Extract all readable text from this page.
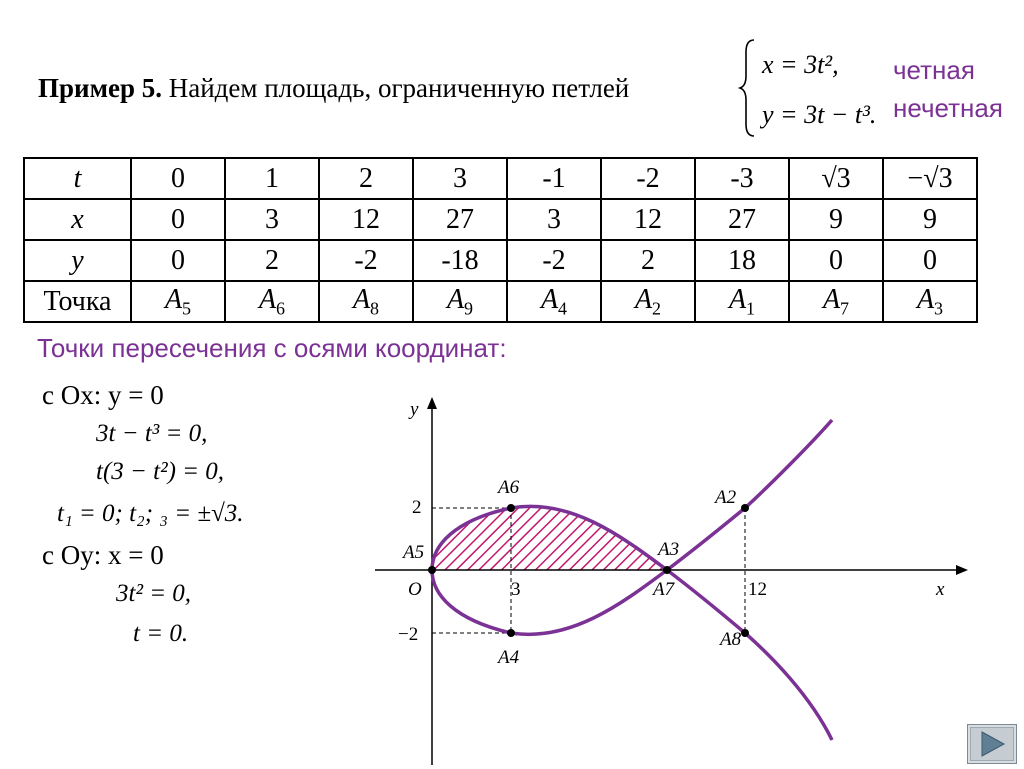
Пример 5. Найдем площадь, ограниченную петлей
x = 3t²,
y = 3t − t³.
четная
нечетная
t	0	1	2	3	-1	-2	-3	√3	−√3
x	0	3	12	27	3	12	27	9	9
y	0	2	-2	-18	-2	2	18	0	0
Точка	$A_5$	$A_6$	$A_8$	$A_9$	$A_4$	$A_2$	$A_1$	$A_7$	$A_3$
Точки пересечения с осями координат:
с Ox: y = 0
3t − t³ = 0,
t(3 − t²) = 0,
t₁ = 0; t₂; ₃ = ±√3.
с Oy: x = 0
3t² = 0,
t = 0.
y
x
O	3	12
2
−2
A6
A5
A4
A3
A7
A2
A8
